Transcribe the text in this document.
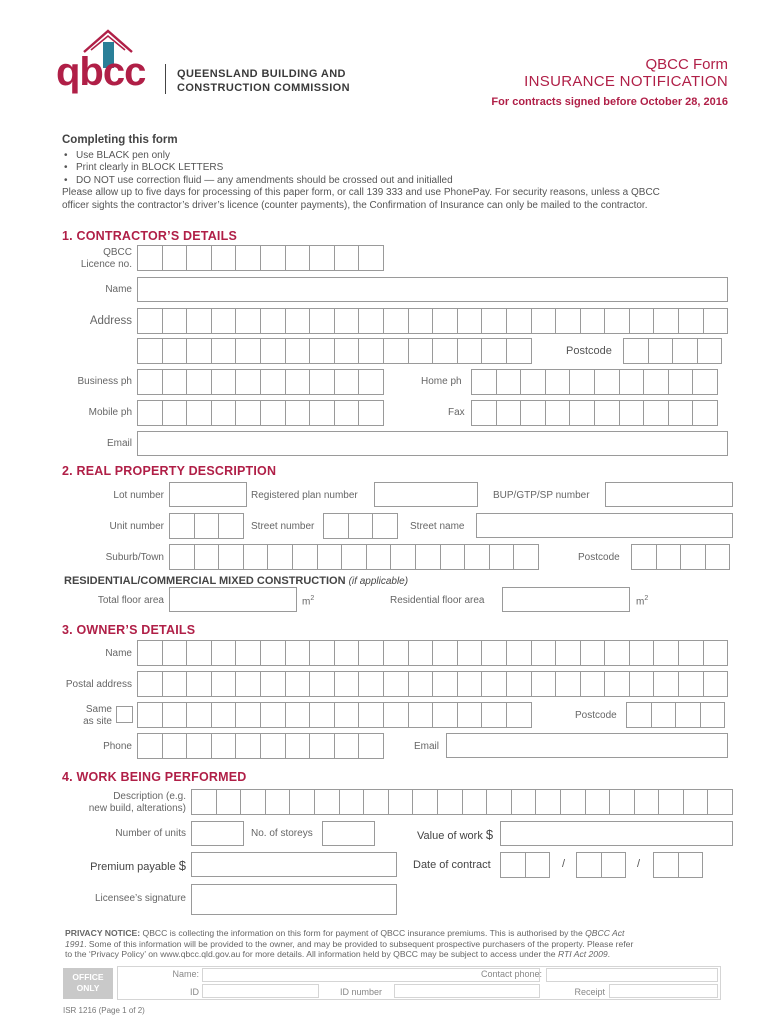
qbcc	QUEENSLAND BUILDING AND
CONSTRUCTION COMMISSION
QBCC Form
INSURANCE NOTIFICATION
For contracts signed before October 28, 2016
Completing this form
• Use BLACK pen only
• Print clearly in BLOCK LETTERS
• DO NOT use correction fluid — any amendments should be crossed out and initialled
Please allow up to five days for processing of this paper form, or call 139 333 and use PhonePay. For security reasons, unless a QBCC
officer sights the contractor’s driver’s licence (counter payments), the Confirmation of Insurance can only be mailed to the contractor.
1. CONTRACTOR’S DETAILS
QBCC
Licence no.
Name
Address
Postcode
Business ph	Home ph
Mobile ph	Fax
Email
2. REAL PROPERTY DESCRIPTION
Lot number	Registered plan number	BUP/GTP/SP number
Unit number	Street number	Street name
Suburb/Town	Postcode
RESIDENTIAL/COMMERCIAL MIXED CONSTRUCTION (if applicable)
Total floor area	$m^2$	Residential floor area	$m^2$
3. OWNER’S DETAILS
Name
Postal address
Same
as site
Postcode
Phone	Email
4. WORK BEING PERFORMED
Description (e.g.
new build, alterations)
Number of units	No. of storeys	Value of work $
Premium payable $	Date of contract	/	/
Licensee’s signature
PRIVACY NOTICE: QBCC is collecting the information on this form for payment of QBCC insurance premiums. This is authorised by the QBCC Act
1991. Some of this information will be provided to the owner, and may be provided to subsequent prospective purchasers of the property. Please refer
to the ‘Privacy Policy’ on www.qbcc.qld.gov.au for more details. All information held by QBCC may be subject to access under the RTI Act 2009.
OFFICE
ONLY
Name:	Contact phone:
ID	ID number	Receipt
ISR 1216 (Page 1 of 2)
